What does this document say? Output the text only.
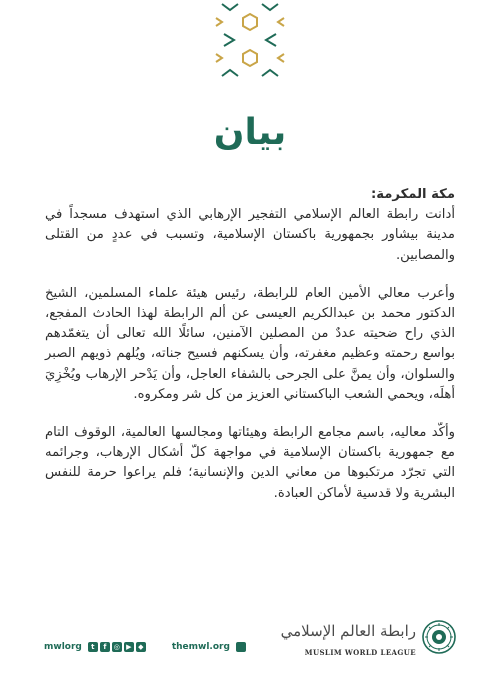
بيان
مكة المكرمة:

أدانت رابطة العالم الإسلامي التفجير الإرهابي الذي استهدف مسجداً في مدينة بيشاور بجمهورية باكستان الإسلامية، وتسبب في عددٍ من القتلى والمصابين.

وأعرب معالي الأمين العام للرابطة، رئيس هيئة علماء المسلمين، الشيخ الدكتور محمد بن عبدالكريم العيسى عن ألم الرابطة لهذا الحادث المفجع، الذي راح ضحيته عددٌ من المصلين الآمنين، سائلًا الله تعالى أن يتغمّدهم بواسع رحمته وعظيم مغفرته، وأن يسكنهم فسيح جناته، ويُلهم ذويهم الصبر والسلوان، وأن يمنَّ على الجرحى بالشفاء العاجل، وأن يَدْحر الإرهاب ويُخْزِيَ أهلَه، ويحمي الشعب الباكستاني العزيز من كل شر ومكروه.

وأكّد معاليه، باسم مجامع الرابطة وهيئاتها ومجالسها العالمية، الوقوف التام مع جمهورية باكستان الإسلامية في مواجهة كلّ أشكال الإرهاب، وجرائمه التي تجرّد مرتكبوها من معاني الدين والإنسانية؛ فلم يراعوا حرمة للنفس البشرية ولا قدسية لأماكن العبادة.

mwlorg	t	f	◎ ▶ ◆	themwl.org
رابطة العالم الإسلامي
MUSLIM WORLD LEAGUE
